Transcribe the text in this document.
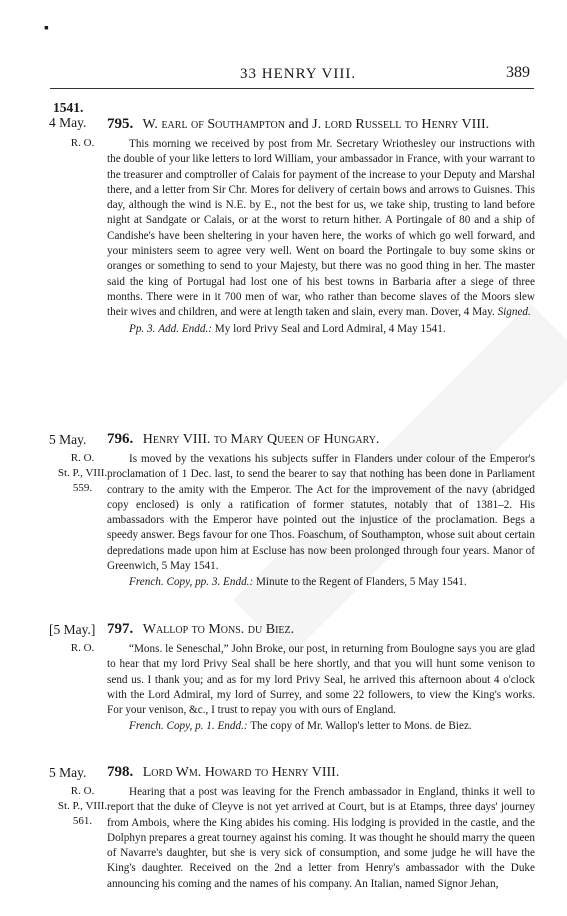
▪
33 HENRY VIII.	389
1541.
4 May.
R. O.

795. W. earl of Southampton and J. lord Russell to Henry VIII.

This morning we received by post from Mr. Secretary Wriothesley our instructions with the double of your like letters to lord William, your ambassador in France, with your warrant to the treasurer and comptroller of Calais for payment of the increase to your Deputy and Marshal there, and a letter from Sir Chr. Mores for delivery of certain bows and arrows to Guisnes. This day, although the wind is N.E. by E., not the best for us, we take ship, trusting to land before night at Sandgate or Calais, or at the worst to return hither. A Portingale of 80 and a ship of Candishe's have been sheltering in your haven here, the works of which go well forward, and your ministers seem to agree very well. Went on board the Portingale to buy some skins or oranges or something to send to your Majesty, but there was no good thing in her. The master said the king of Portugal had lost one of his best towns in Barbaria after a siege of three months. There were in it 700 men of war, who rather than become slaves of the Moors slew their wives and children, and were at length taken and slain, every man. Dover, 4 May. Signed.

Pp. 3. Add. Endd.: My lord Privy Seal and Lord Admiral, 4 May 1541.

5 May.
R. O.
St. P., VIII.
559.

796. Henry VIII. to Mary Queen of Hungary.

Is moved by the vexations his subjects suffer in Flanders under colour of the Emperor's proclamation of 1 Dec. last, to send the bearer to say that nothing has been done in Parliament contrary to the amity with the Emperor. The Act for the improvement of the navy (abridged copy enclosed) is only a ratification of former statutes, notably that of 1381–2. His ambassadors with the Emperor have pointed out the injustice of the proclamation. Begs a speedy answer. Begs favour for one Thos. Foaschum, of Southampton, whose suit about certain depredations made upon him at Escluse has now been prolonged through four years. Manor of Greenwich, 5 May 1541.

French. Copy, pp. 3. Endd.: Minute to the Regent of Flanders, 5 May 1541.

[5 May.]
R. O.

797. Wallop to Mons. du Biez.

“Mons. le Seneschal,” John Broke, our post, in returning from Boulogne says you are glad to hear that my lord Privy Seal shall be here shortly, and that you will hunt some venison to send us. I thank you; and as for my lord Privy Seal, he arrived this afternoon about 4 o'clock with the Lord Admiral, my lord of Surrey, and some 22 followers, to view the King's works. For your venison, &c., I trust to repay you with ours of England.

French. Copy, p. 1. Endd.: The copy of Mr. Wallop's letter to Mons. de Biez.

5 May.
R. O.
St. P., VIII.
561.

798. Lord Wm. Howard to Henry VIII.

Hearing that a post was leaving for the French ambassador in England, thinks it well to report that the duke of Cleyve is not yet arrived at Court, but is at Etamps, three days' journey from Ambois, where the King abides his coming. His lodging is provided in the castle, and the Dolphyn prepares a great tourney against his coming. It was thought he should marry the queen of Navarre's daughter, but she is very sick of consumption, and some judge he will have the King's daughter. Received on the 2nd a letter from Henry's ambassador with the Duke announcing his coming and the names of his company. An Italian, named Signor Jehan,
